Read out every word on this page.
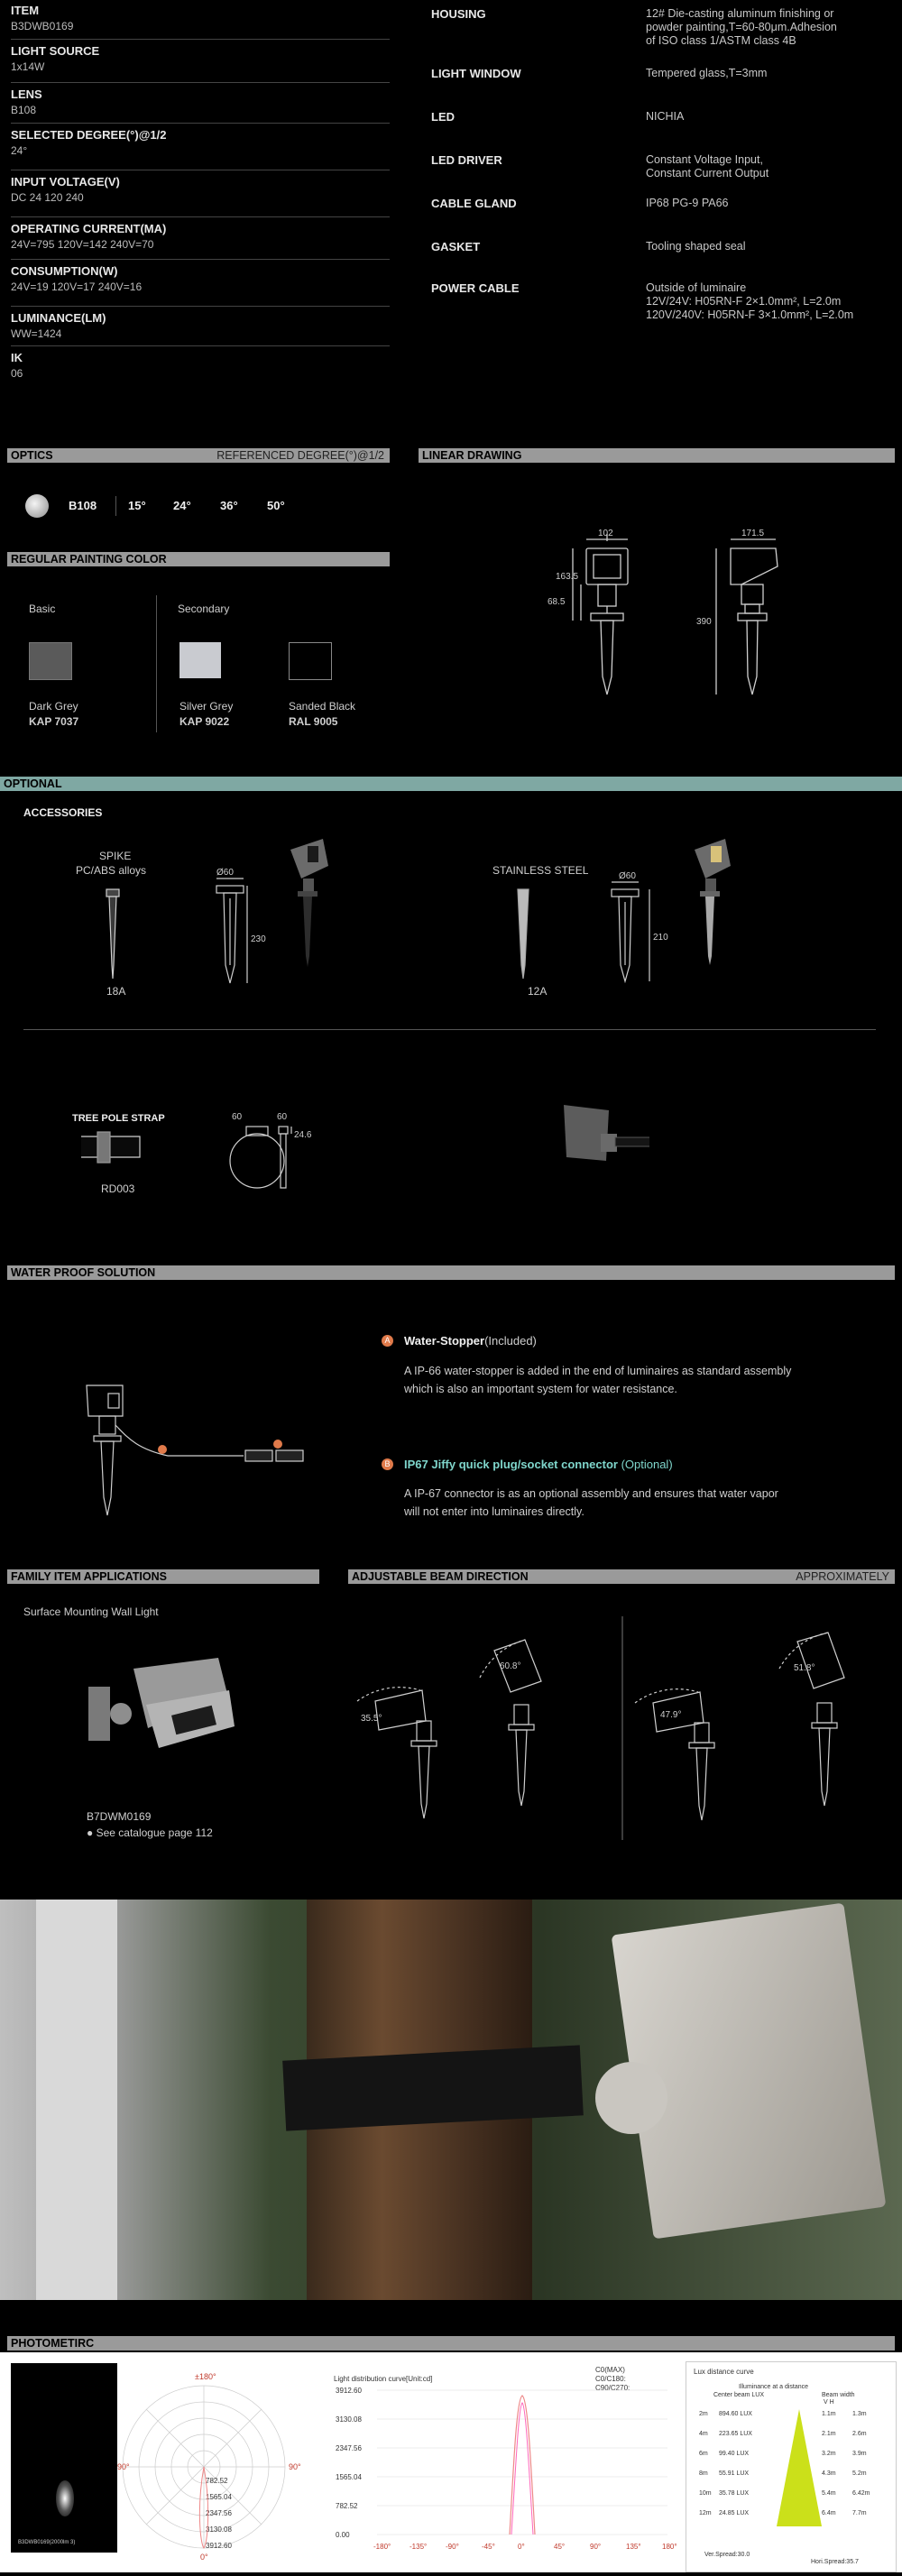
ITEM
B3DWB0169
LIGHT SOURCE
1x14W
LENS
B108
SELECTED DEGREE(°)@1/2
24°
INPUT VOLTAGE(V)
DC 24 120 240
OPERATING CURRENT(MA)
24V=795 120V=142 240V=70
CONSUMPTION(W)
24V=19 120V=17 240V=16
LUMINANCE(LM)
WW=1424
IK
06
HOUSING	12# Die-casting aluminum finishing or
powder painting,T=60-80μm.Adhesion
of ISO class 1/ASTM class 4B
LIGHT WINDOW	Tempered glass,T=3mm
LED	NICHIA
LED DRIVER	Constant Voltage Input,
Constant Current Output
CABLE GLAND	IP68 PG-9 PA66
GASKET	Tooling shaped seal
POWER CABLE	Outside of luminaire
12V/24V: H05RN-F 2×1.0mm², L=2.0m
120V/240V: H05RN-F 3×1.0mm², L=2.0m
OPTICS	REFERENCED DEGREE(°)@1/2
B108	15° 24° 36° 50°
LINEAR DRAWING
102
163.5
68.5
171.5
390
REGULAR PAINTING COLOR
Basic	Secondary
Dark Grey
KAP 7037
Silver Grey
KAP 9022
Sanded Black
RAL 9005
OPTIONAL
ACCESSORIES
SPIKE
PC/ABS alloys
18A
STAINLESS STEEL
12A
Ø60
230
Ø60
210
TREE POLE STRAP
RD003
60	60
24.6
WATER PROOF SOLUTION
A Water-Stopper(Included)
A IP-66 water-stopper is added in the end of luminaires as standard assembly
which is also an important system for water resistance.
B IP67 Jiffy quick plug/socket connector (Optional)
A IP-67 connector is as an optional assembly and ensures that water vapor
will not enter into luminaires directly.
FAMILY ITEM APPLICATIONS
Surface Mounting Wall Light
B7DWM0169
● See catalogue page 112
ADJUSTABLE BEAM DIRECTION	APPROXIMATELY
35.5°
60.8°
47.9°
51.8°
PHOTOMETIRC
B3DWB0169(2000lm 3)
±180°
90°	90°
0°
782.52
1565.04
2347.56
3130.08
3912.60
Light distribution curve[Unit:cd]
C0(MAX)
C0/C180:
C90/C270:
3912.60
3130.08
2347.56
1565.04
782.52
0.00
-180°	-135°	-90°	-45°	0°	45°	90°	135°	180°
Lux distance curve
Illuminance at a distance
Center beam LUX	Beam width
V H
2m 894.60 LUX	1.1m	1.3m
4m 223.65 LUX	2.1m	2.6m
6m 99.40 LUX	3.2m	3.9m
8m 55.91 LUX	4.3m	5.2m
10m 35.78 LUX	5.4m	6.42m
12m 24.85 LUX	6.4m	7.7m
Ver.Spread:30.0
Hori.Spread:35.7
